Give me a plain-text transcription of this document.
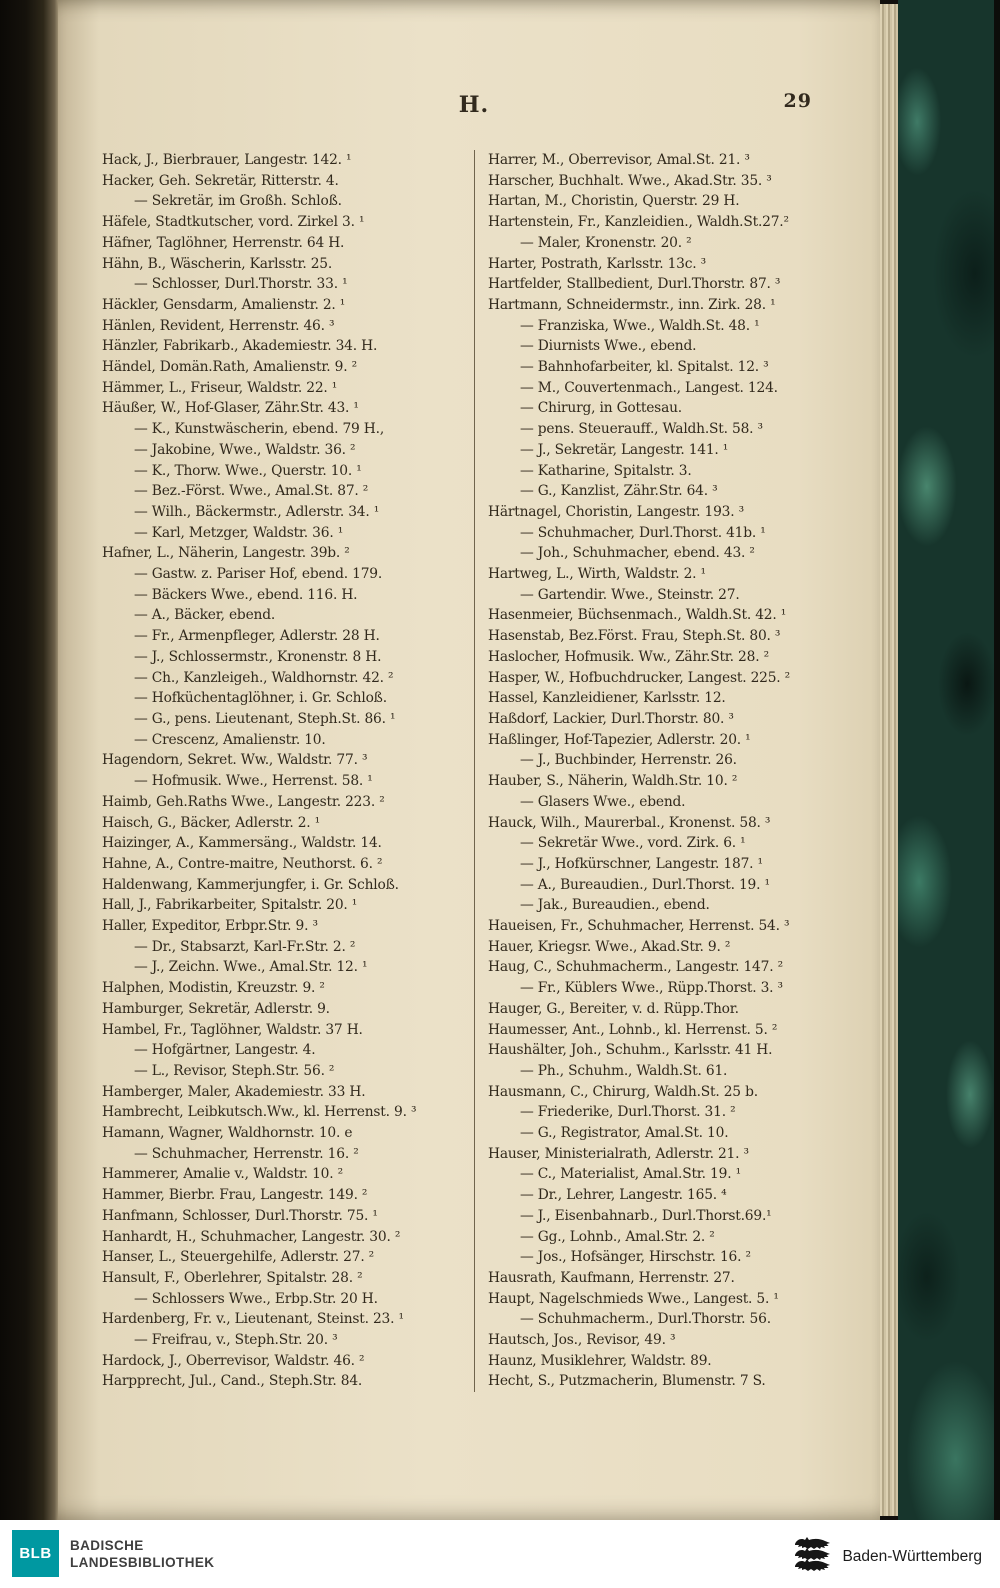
H.	29
Hack, J., Bierbrauer, Langestr. 142. ¹
Hacker, Geh. Sekretär, Ritterstr. 4.
— Sekretär, im Großh. Schloß.
Häfele, Stadtkutscher, vord. Zirkel 3. ¹
Häfner, Taglöhner, Herrenstr. 64 H.
Hähn, B., Wäscherin, Karlsstr. 25.
— Schlosser, Durl.Thorstr. 33. ¹
Häckler, Gensdarm, Amalienstr. 2. ¹
Hänlen, Revident, Herrenstr. 46. ³
Hänzler, Fabrikarb., Akademiestr. 34. H.
Händel, Domän.Rath, Amalienstr. 9. ²
Hämmer, L., Friseur, Waldstr. 22. ¹
Häußer, W., Hof-Glaser, Zähr.Str. 43. ¹
— K., Kunstwäscherin, ebend. 79 H.,
— Jakobine, Wwe., Waldstr. 36. ²
— K., Thorw. Wwe., Querstr. 10. ¹
— Bez.-Först. Wwe., Amal.St. 87. ²
— Wilh., Bäckermstr., Adlerstr. 34. ¹
— Karl, Metzger, Waldstr. 36. ¹
Hafner, L., Näherin, Langestr. 39b. ²
— Gastw. z. Pariser Hof, ebend. 179.
— Bäckers Wwe., ebend. 116. H.
— A., Bäcker, ebend.
— Fr., Armenpfleger, Adlerstr. 28 H.
— J., Schlossermstr., Kronenstr. 8 H.
— Ch., Kanzleigeh., Waldhornstr. 42. ²
— Hofküchentaglöhner, i. Gr. Schloß.
— G., pens. Lieutenant, Steph.St. 86. ¹
— Crescenz, Amalienstr. 10.
Hagendorn, Sekret. Ww., Waldstr. 77. ³
— Hofmusik. Wwe., Herrenst. 58. ¹
Haimb, Geh.Raths Wwe., Langestr. 223. ²
Haisch, G., Bäcker, Adlerstr. 2. ¹
Haizinger, A., Kammersäng., Waldstr. 14.
Hahne, A., Contre-maitre, Neuthorst. 6. ²
Haldenwang, Kammerjungfer, i. Gr. Schloß.
Hall, J., Fabrikarbeiter, Spitalstr. 20. ¹
Haller, Expeditor, Erbpr.Str. 9. ³
— Dr., Stabsarzt, Karl-Fr.Str. 2. ²
— J., Zeichn. Wwe., Amal.Str. 12. ¹
Halphen, Modistin, Kreuzstr. 9. ²
Hamburger, Sekretär, Adlerstr. 9.
Hambel, Fr., Taglöhner, Waldstr. 37 H.
— Hofgärtner, Langestr. 4.
— L., Revisor, Steph.Str. 56. ²
Hamberger, Maler, Akademiestr. 33 H.
Hambrecht, Leibkutsch.Ww., kl. Herrenst. 9. ³
Hamann, Wagner, Waldhornstr. 10. e
— Schuhmacher, Herrenstr. 16. ²
Hammerer, Amalie v., Waldstr. 10. ²
Hammer, Bierbr. Frau, Langestr. 149. ²
Hanfmann, Schlosser, Durl.Thorstr. 75. ¹
Hanhardt, H., Schuhmacher, Langestr. 30. ²
Hanser, L., Steuergehilfe, Adlerstr. 27. ²
Hansult, F., Oberlehrer, Spitalstr. 28. ²
— Schlossers Wwe., Erbp.Str. 20 H.
Hardenberg, Fr. v., Lieutenant, Steinst. 23. ¹
— Freifrau, v., Steph.Str. 20. ³
Hardock, J., Oberrevisor, Waldstr. 46. ²
Harpprecht, Jul., Cand., Steph.Str. 84.
Harrer, M., Oberrevisor, Amal.St. 21. ³
Harscher, Buchhalt. Wwe., Akad.Str. 35. ³
Hartan, M., Choristin, Querstr. 29 H.
Hartenstein, Fr., Kanzleidien., Waldh.St.27.²
— Maler, Kronenstr. 20. ²
Harter, Postrath, Karlsstr. 13c. ³
Hartfelder, Stallbedient, Durl.Thorstr. 87. ³
Hartmann, Schneidermstr., inn. Zirk. 28. ¹
— Franziska, Wwe., Waldh.St. 48. ¹
— Diurnists Wwe., ebend.
— Bahnhofarbeiter, kl. Spitalst. 12. ³
— M., Couvertenmach., Langest. 124.
— Chirurg, in Gottesau.
— pens. Steuerauff., Waldh.St. 58. ³
— J., Sekretär, Langestr. 141. ¹
— Katharine, Spitalstr. 3.
— G., Kanzlist, Zähr.Str. 64. ³
Härtnagel, Choristin, Langestr. 193. ³
— Schuhmacher, Durl.Thorst. 41b. ¹
— Joh., Schuhmacher, ebend. 43. ²
Hartweg, L., Wirth, Waldstr. 2. ¹
— Gartendir. Wwe., Steinstr. 27.
Hasenmeier, Büchsenmach., Waldh.St. 42. ¹
Hasenstab, Bez.Först. Frau, Steph.St. 80. ³
Haslocher, Hofmusik. Ww., Zähr.Str. 28. ²
Hasper, W., Hofbuchdrucker, Langest. 225. ²
Hassel, Kanzleidiener, Karlsstr. 12.
Haßdorf, Lackier, Durl.Thorstr. 80. ³
Haßlinger, Hof-Tapezier, Adlerstr. 20. ¹
— J., Buchbinder, Herrenstr. 26.
Hauber, S., Näherin, Waldh.Str. 10. ²
— Glasers Wwe., ebend.
Hauck, Wilh., Maurerbal., Kronenst. 58. ³
— Sekretär Wwe., vord. Zirk. 6. ¹
— J., Hofkürschner, Langestr. 187. ¹
— A., Bureaudien., Durl.Thorst. 19. ¹
— Jak., Bureaudien., ebend.
Haueisen, Fr., Schuhmacher, Herrenst. 54. ³
Hauer, Kriegsr. Wwe., Akad.Str. 9. ²
Haug, C., Schuhmacherm., Langestr. 147. ²
— Fr., Küblers Wwe., Rüpp.Thorst. 3. ³
Hauger, G., Bereiter, v. d. Rüpp.Thor.
Haumesser, Ant., Lohnb., kl. Herrenst. 5. ²
Haushälter, Joh., Schuhm., Karlsstr. 41 H.
— Ph., Schuhm., Waldh.St. 61.
Hausmann, C., Chirurg, Waldh.St. 25 b.
— Friederike, Durl.Thorst. 31. ²
— G., Registrator, Amal.St. 10.
Hauser, Ministerialrath, Adlerstr. 21. ³
— C., Materialist, Amal.Str. 19. ¹
— Dr., Lehrer, Langestr. 165. ⁴
— J., Eisenbahnarb., Durl.Thorst.69.¹
— Gg., Lohnb., Amal.Str. 2. ²
— Jos., Hofsänger, Hirschstr. 16. ²
Hausrath, Kaufmann, Herrenstr. 27.
Haupt, Nagelschmieds Wwe., Langest. 5. ¹
— Schuhmacherm., Durl.Thorstr. 56.
Hautsch, Jos., Revisor, 49. ³
Haunz, Musiklehrer, Waldstr. 89.
Hecht, S., Putzmacherin, Blumenstr. 7 S.
BLB	BADISCHE
LANDESBIBLIOTHEK	Baden-Württemberg
